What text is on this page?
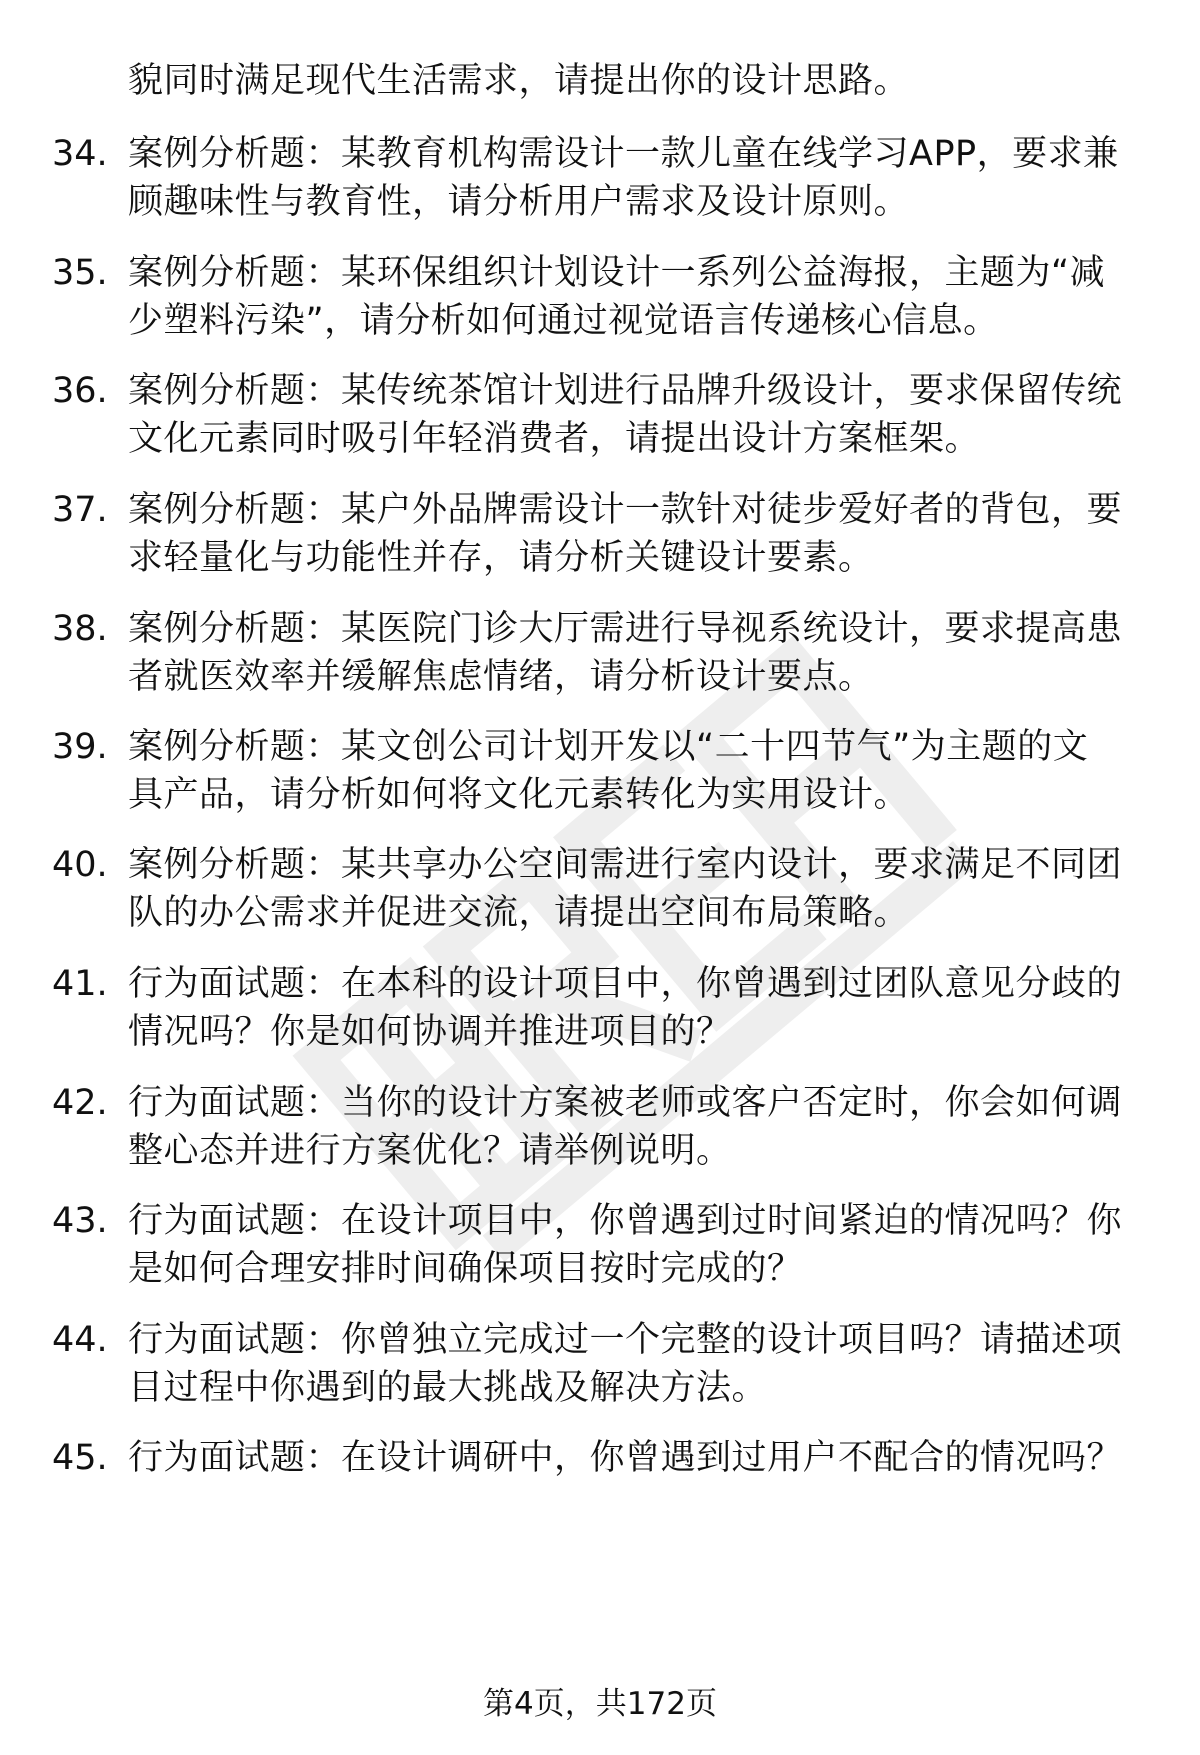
貌同时满足现代生活需求，请提出你的设计思路。
34. 案例分析题：某教育机构需设计一款儿童在线学习APP，要求兼
顾趣味性与教育性，请分析用户需求及设计原则。
35. 案例分析题：某环保组织计划设计一系列公益海报，主题为“减
少塑料污染”，请分析如何通过视觉语言传递核心信息。
36. 案例分析题：某传统茶馆计划进行品牌升级设计，要求保留传统
文化元素同时吸引年轻消费者，请提出设计方案框架。
37. 案例分析题：某户外品牌需设计一款针对徒步爱好者的背包，要
求轻量化与功能性并存，请分析关键设计要素。
38. 案例分析题：某医院门诊大厅需进行导视系统设计，要求提高患
者就医效率并缓解焦虑情绪，请分析设计要点。
39. 案例分析题：某文创公司计划开发以“二十四节气”为主题的文
具产品，请分析如何将文化元素转化为实用设计。
40. 案例分析题：某共享办公空间需进行室内设计，要求满足不同团
队的办公需求并促进交流，请提出空间布局策略。
41. 行为面试题：在本科的设计项目中，你曾遇到过团队意见分歧的
情况吗？你是如何协调并推进项目的？
42. 行为面试题：当你的设计方案被老师或客户否定时，你会如何调
整心态并进行方案优化？请举例说明。
43. 行为面试题：在设计项目中，你曾遇到过时间紧迫的情况吗？你
是如何合理安排时间确保项目按时完成的？
44. 行为面试题：你曾独立完成过一个完整的设计项目吗？请描述项
目过程中你遇到的最大挑战及解决方法。
45. 行为面试题：在设计调研中，你曾遇到过用户不配合的情况吗？
第4页，共172页
